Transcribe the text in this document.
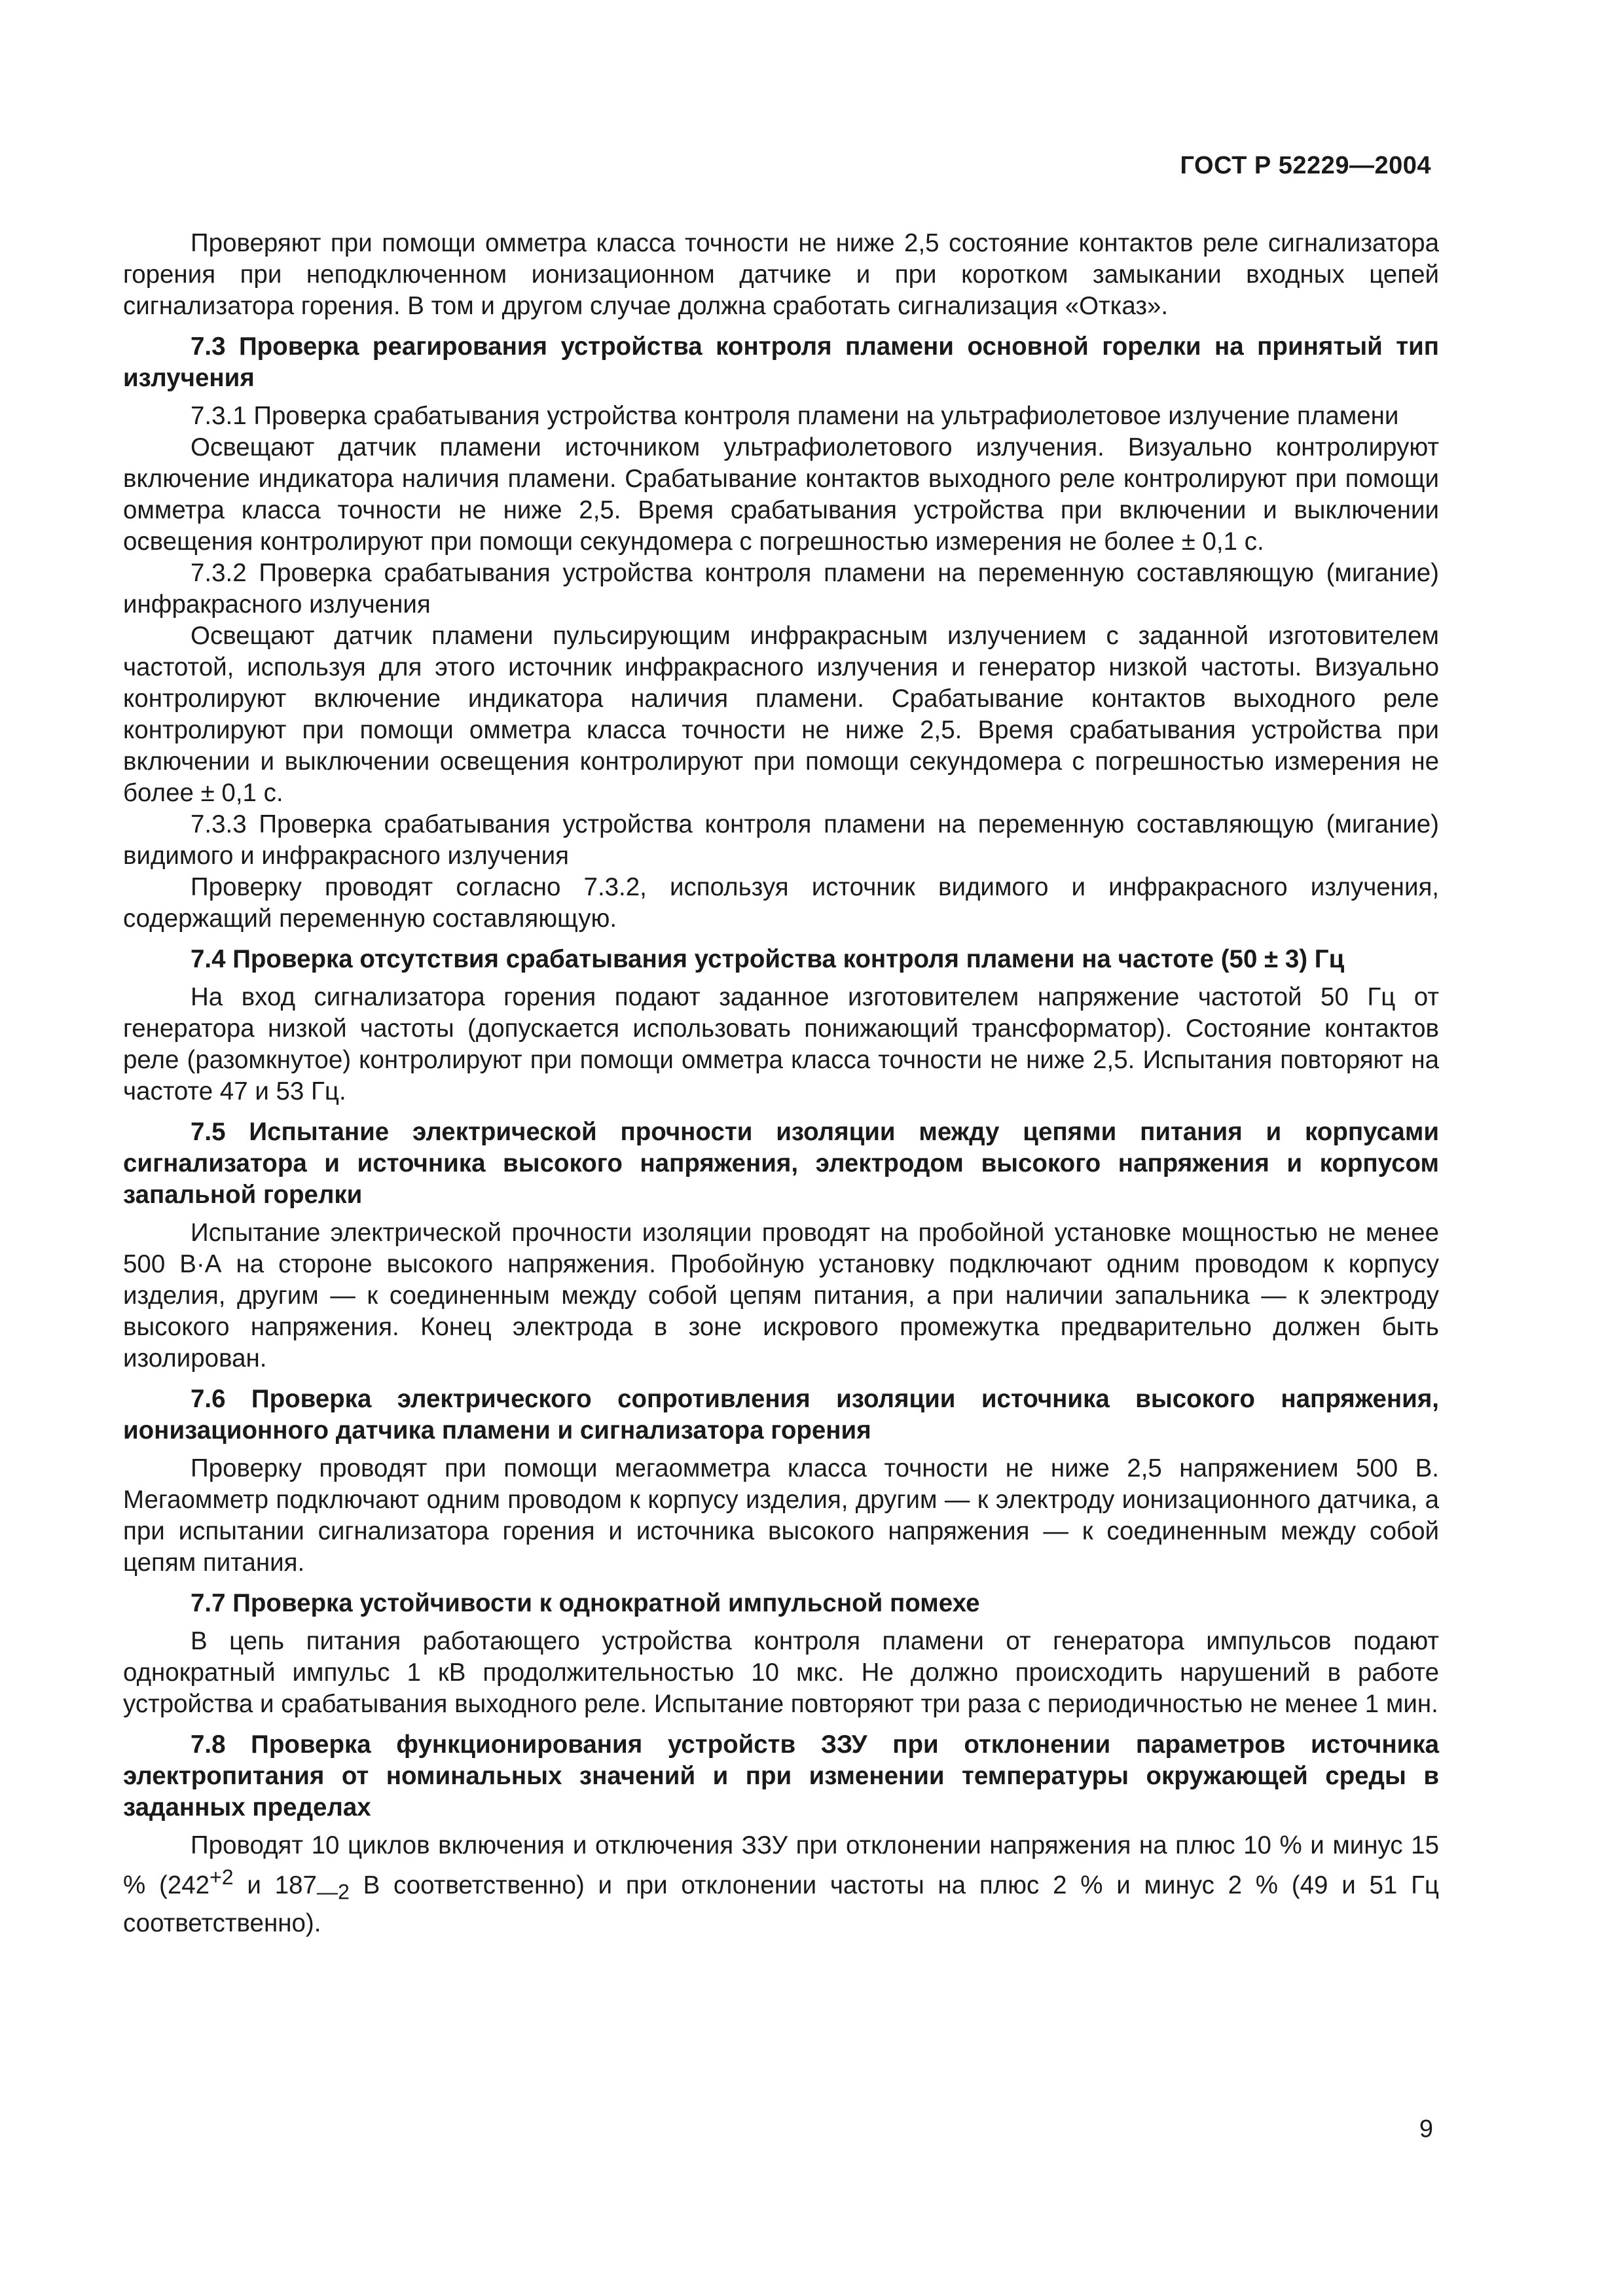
ГОСТ Р 52229—2004

Проверяют при помощи омметра класса точности не ниже 2,5 состояние контактов реле сигнализатора горения при неподключенном ионизационном датчике и при коротком замыкании входных цепей сигнализатора горения. В том и другом случае должна сработать сигнализация «Отказ».

7.3 Проверка реагирования устройства контроля пламени основной горелки на принятый тип излучения

7.3.1 Проверка срабатывания устройства контроля пламени на ультрафиолетовое излучение пламени

Освещают датчик пламени источником ультрафиолетового излучения. Визуально контролируют включение индикатора наличия пламени. Срабатывание контактов выходного реле контролируют при помощи омметра класса точности не ниже 2,5. Время срабатывания устройства при включении и выключении освещения контролируют при помощи секундомера с погрешностью измерения не более ± 0,1 с.

7.3.2 Проверка срабатывания устройства контроля пламени на переменную составляющую (мигание) инфракрасного излучения

Освещают датчик пламени пульсирующим инфракрасным излучением с заданной изготовителем частотой, используя для этого источник инфракрасного излучения и генератор низкой частоты. Визуально контролируют включение индикатора наличия пламени. Срабатывание контактов выходного реле контролируют при помощи омметра класса точности не ниже 2,5. Время срабатывания устройства при включении и выключении освещения контролируют при помощи секундомера с погрешностью измерения не более ± 0,1 с.

7.3.3 Проверка срабатывания устройства контроля пламени на переменную составляющую (мигание) видимого и инфракрасного излучения

Проверку проводят согласно 7.3.2, используя источник видимого и инфракрасного излучения, содержащий переменную составляющую.

7.4 Проверка отсутствия срабатывания устройства контроля пламени на частоте (50 ± 3) Гц

На вход сигнализатора горения подают заданное изготовителем напряжение частотой 50 Гц от генератора низкой частоты (допускается использовать понижающий трансформатор). Состояние контактов реле (разомкнутое) контролируют при помощи омметра класса точности не ниже 2,5. Испытания повторяют на частоте 47 и 53 Гц.

7.5 Испытание электрической прочности изоляции между цепями питания и корпусами сигнализатора и источника высокого напряжения, электродом высокого напряжения и корпусом запальной горелки

Испытание электрической прочности изоляции проводят на пробойной установке мощностью не менее 500 В·А на стороне высокого напряжения. Пробойную установку подключают одним проводом к корпусу изделия, другим — к соединенным между собой цепям питания, а при наличии запальника — к электроду высокого напряжения. Конец электрода в зоне искрового промежутка предварительно должен быть изолирован.

7.6 Проверка электрического сопротивления изоляции источника высокого напряжения, ионизационного датчика пламени и сигнализатора горения

Проверку проводят при помощи мегаомметра класса точности не ниже 2,5 напряжением 500 В. Мегаомметр подключают одним проводом к корпусу изделия, другим — к электроду ионизационного датчика, а при испытании сигнализатора горения и источника высокого напряжения — к соединенным между собой цепям питания.

7.7 Проверка устойчивости к однократной импульсной помехе

В цепь питания работающего устройства контроля пламени от генератора импульсов подают однократный импульс 1 кВ продолжительностью 10 мкс. Не должно происходить нарушений в работе устройства и срабатывания выходного реле. Испытание повторяют три раза с периодичностью не менее 1 мин.

7.8 Проверка функционирования устройств ЗЗУ при отклонении параметров источника электропитания от номинальных значений и при изменении температуры окружающей среды в заданных пределах

Проводят 10 циклов включения и отключения ЗЗУ при отклонении напряжения на плюс 10 % и минус 15 % ($242^{+2}$ и $187_{—2}$ В соответственно) и при отклонении частоты на плюс 2 % и минус 2 % (49 и 51 Гц соответственно).

9
